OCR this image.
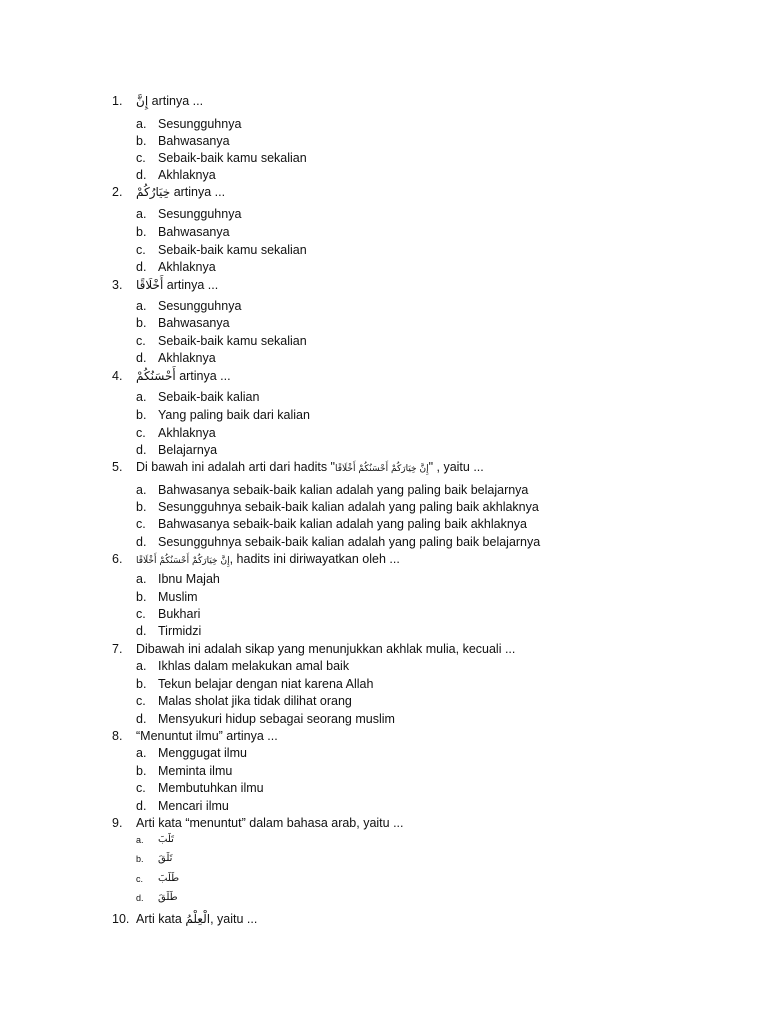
1.	إِنَّ artinya ...
a. Sesungguhnya
b. Bahwasanya
c. Sebaik-baik kamu sekalian
d. Akhlaknya
2.	خِيَارُكُمْ artinya ...
a. Sesungguhnya
b. Bahwasanya
c. Sebaik-baik kamu sekalian
d. Akhlaknya
3.	أَخْلَاقًا artinya ...
a. Sesungguhnya
b. Bahwasanya
c. Sebaik-baik kamu sekalian
d. Akhlaknya
4.	أَحْسَنُكُمْ artinya ...
a. Sebaik-baik kalian
b. Yang paling baik dari kalian
c. Akhlaknya
d. Belajarnya
5.	Di bawah ini adalah arti dari hadits "إِنَّ خِيَارَكُمْ أَحْسَنُكُمْ أَخْلَاقًا" , yaitu ...
a. Bahwasanya sebaik-baik kalian adalah yang paling baik belajarnya
b. Sesungguhnya sebaik-baik kalian adalah yang paling baik akhlaknya
c. Bahwasanya sebaik-baik kalian adalah yang paling baik akhlaknya
d. Sesungguhnya sebaik-baik kalian adalah yang paling baik belajarnya
6.	إِنَّ خِيَارَكُمْ أَحْسَنُكُمْ أَخْلَاقًا, hadits ini diriwayatkan oleh ...
a. Ibnu Majah
b. Muslim
c. Bukhari
d. Tirmidzi
7.	Dibawah ini adalah sikap yang menunjukkan akhlak mulia, kecuali ...
a. Ikhlas dalam melakukan amal baik
b. Tekun belajar dengan niat karena Allah
c. Malas sholat jika tidak dilihat orang
d. Mensyukuri hidup sebagai seorang muslim
8.	“Menuntut ilmu” artinya ...
a. Menggugat ilmu
b. Meminta ilmu
c. Membutuhkan ilmu
d. Mencari ilmu
9.	Arti kata “menuntut” dalam bahasa arab, yaitu ...
a. تَلَبَ
b. تَلَقَ
c. طَلَبَ
d. طَلَقَ
10. Arti kata الْعِلْمُ, yaitu ...
